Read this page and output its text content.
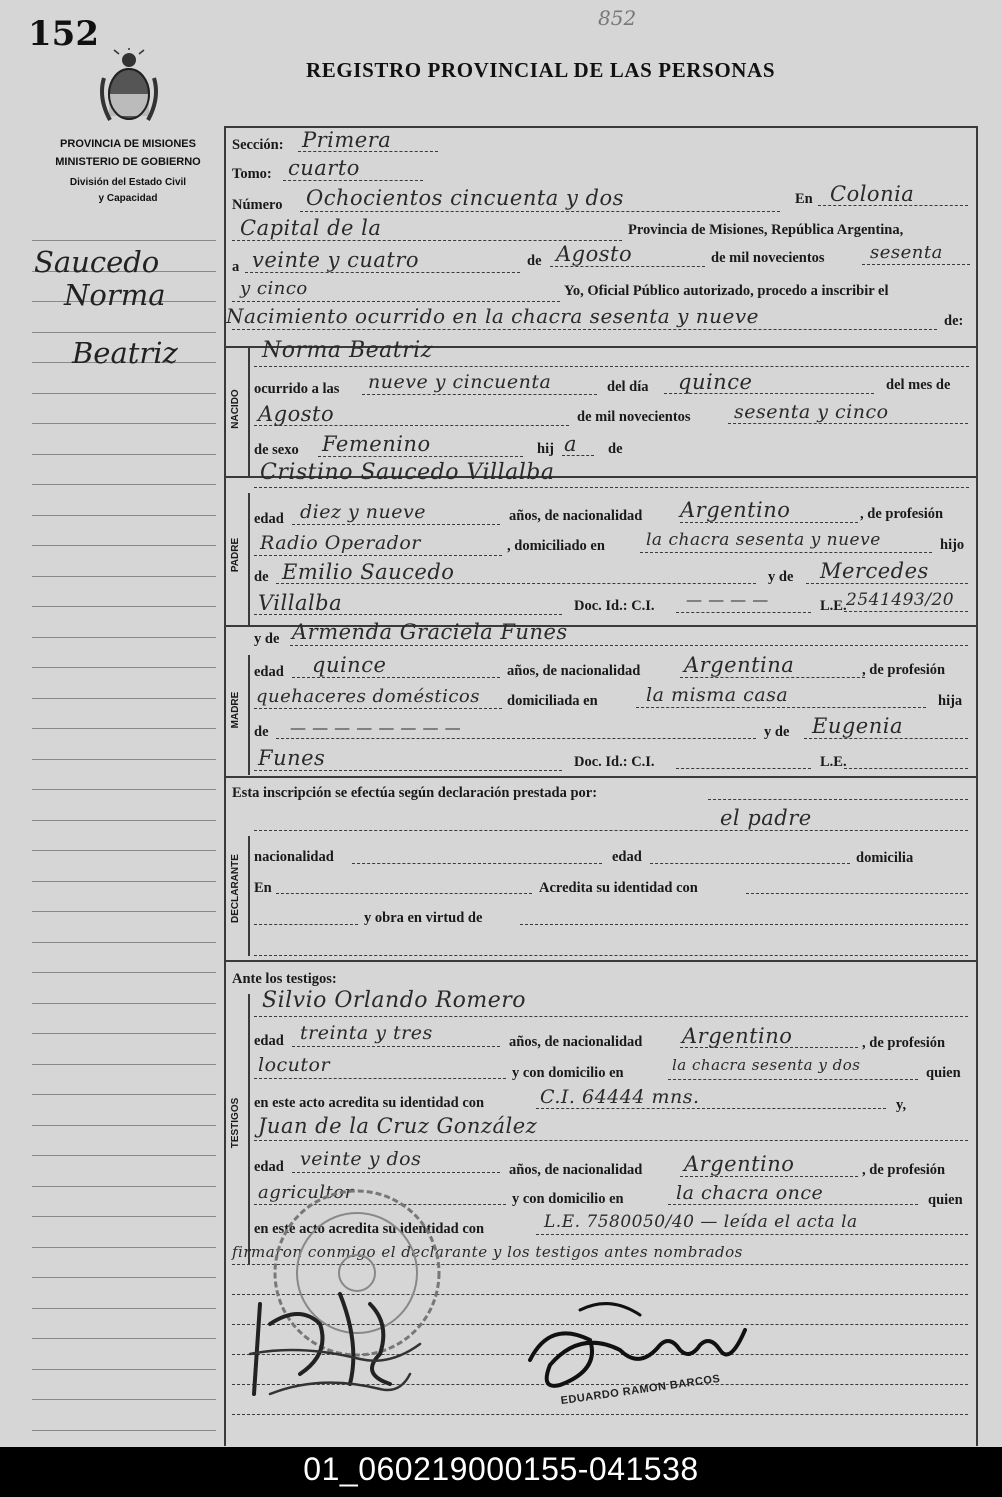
152	852
REGISTRO PROVINCIAL DE LAS PERSONAS
PROVINCIA DE MISIONES
MINISTERIO DE GOBIERNO
División del Estado Civil
y Capacidad
Saucedo
Norma
Beatriz
Sección: Primera
Tomo: cuarto
Número Ochocientos cincuenta y dos	En Colonia
Capital de la	Provincia de Misiones, República Argentina,
a veinte y cuatro	de Agosto	de mil novecientos	sesenta
y cinco	Yo, Oficial Público autorizado, procedo a inscribir el
Nacimiento ocurrido en la chacra sesenta y nueve	de:
NACIDO
Norma Beatriz
ocurrido a las nueve y cincuenta	del día quince	del mes de
Agosto	de mil novecientos sesenta y cinco
de sexo Femenino	hij a de
Cristino Saucedo Villalba
PADRE
edad diez y nueve	años, de nacionalidad Argentino	, de profesión
Radio Operador	, domiciliado en la chacra sesenta y nueve	hijo
de Emilio Saucedo	y de Mercedes
Villalba	Doc. Id.: C.I. — — — —	L.E. 2541493/20
y de Armenda Graciela Funes
MADRE
edad quince	años, de nacionalidad Argentina	, de profesión
quehaceres domésticos domiciliada en	la misma casa	hija
de — — — — — — — —	y de Eugenia
Funes	Doc. Id.: C.I.	L.E.
Esta inscripción se efectúa según declaración prestada por:
el padre
DECLARANTE nacionalidad	edad	domicilia
En	Acredita su identidad con
y obra en virtud de
Ante los testigos:
Silvio Orlando Romero
TESTIGOS
edad treinta y tres	años, de nacionalidad Argentino	, de profesión
locutor	y con domicilio en	la chacra sesenta y dos	quien
en este acto acredita su identidad con	C.I. 64444 mns.	y,
Juan de la Cruz González
edad veinte y dos	años, de nacionalidad Argentino	, de profesión
agricultor	y con domicilio en	la chacra once	quien
en este acto acredita su identidad con	L.E. 7580050/40 — leída el acta la
firmaron conmigo el declarante y los testigos antes nombrados
EDUARDO RAMON BARCOS
01_060219000155-041538
